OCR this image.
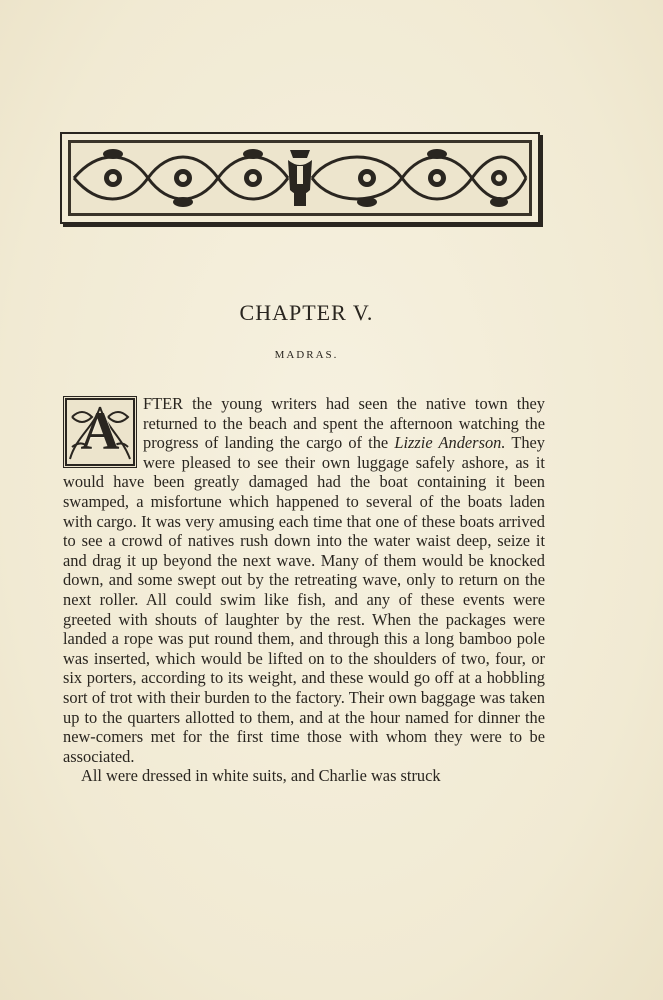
CHAPTER V.
MADRAS.

A	FTER the young writers had seen the native town they returned to the beach and spent the afternoon watching the progress of landing the cargo of the Lizzie Anderson. They were pleased to see their own luggage safely ashore, as it would have been greatly damaged had the boat containing it been swamped, a misfortune which happened to several of the boats laden with cargo. It was very amusing each time that one of these boats arrived to see a crowd of natives rush down into the water waist deep, seize it and drag it up beyond the next wave. Many of them would be knocked down, and some swept out by the retreating wave, only to return on the next roller. All could swim like fish, and any of these events were greeted with shouts of laughter by the rest. When the packages were landed a rope was put round them, and through this a long bamboo pole was inserted, which would be lifted on to the shoulders of two, four, or six porters, according to its weight, and these would go off at a hobbling sort of trot with their burden to the factory. Their own baggage was taken up to the quarters allotted to them, and at the hour named for dinner the new-comers met for the first time those with whom they were to be associated.

All were dressed in white suits, and Charlie was struck
